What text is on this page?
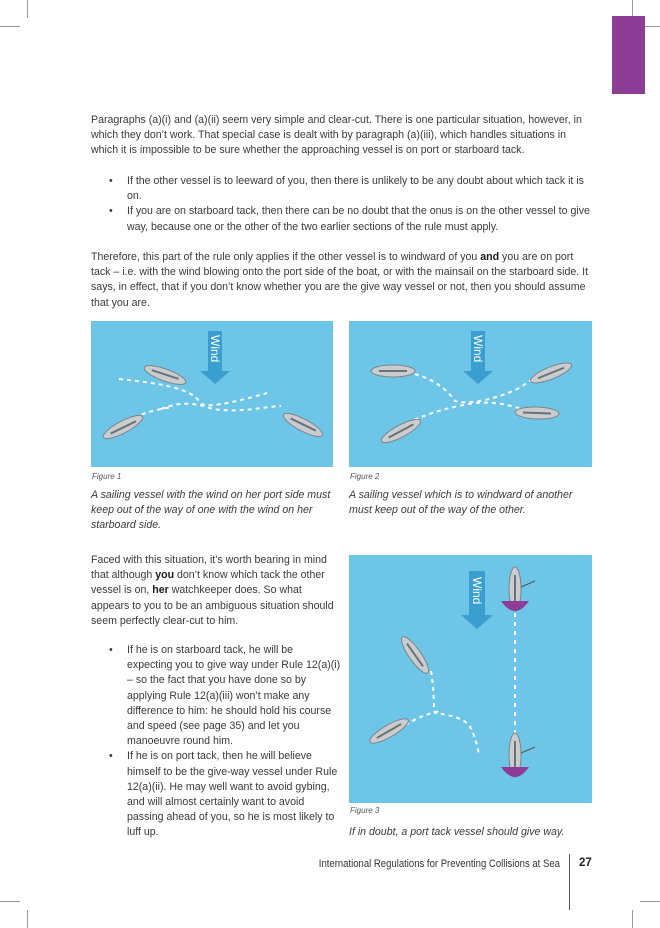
Paragraphs (a)(i) and (a)(ii) seem very simple and clear-cut. There is one particular situation, however, in which they don’t work. That special case is dealt with by paragraph (a)(iii), which handles situations in which it is impossible to be sure whether the approaching vessel is on port or starboard tack.

• If the other vessel is to leeward of you, then there is unlikely to be any doubt about which tack it is on.
• If you are on starboard tack, then there can be no doubt that the onus is on the other vessel to give way, because one or the other of the two earlier sections of the rule must apply.

Therefore, this part of the rule only applies if the other vessel is to windward of you and you are on port tack – i.e. with the wind blowing onto the port side of the boat, or with the mainsail on the starboard side. It says, in effect, that if you don’t know whether you are the give way vessel or not, then you should assume that you are.

Wind

Figure 1

A sailing vessel with the wind on her port side must keep out of the way of one with the wind on her starboard side.

Wind

Figure 2

A sailing vessel which is to windward of another must keep out of the way of the other.

Faced with this situation, it’s worth bearing in mind that although you don’t know which tack the other vessel is on, her watchkeeper does. So what appears to you to be an ambiguous situation should seem perfectly clear-cut to him.

• If he is on starboard tack, he will be expecting you to give way under Rule 12(a)(i) – so the fact that you have done so by applying Rule 12(a)(iii) won’t make any difference to him: he should hold his course and speed (see page 35) and let you manoeuvre round him.
• If he is on port tack, then he will believe himself to be the give-way vessel under Rule 12(a)(ii). He may well want to avoid gybing, and will almost certainly want to avoid passing ahead of you, so he is most likely to luff up.
Wind

Figure 3

If in doubt, a port tack vessel should give way.

International Regulations for Preventing Collisions at Sea 27
